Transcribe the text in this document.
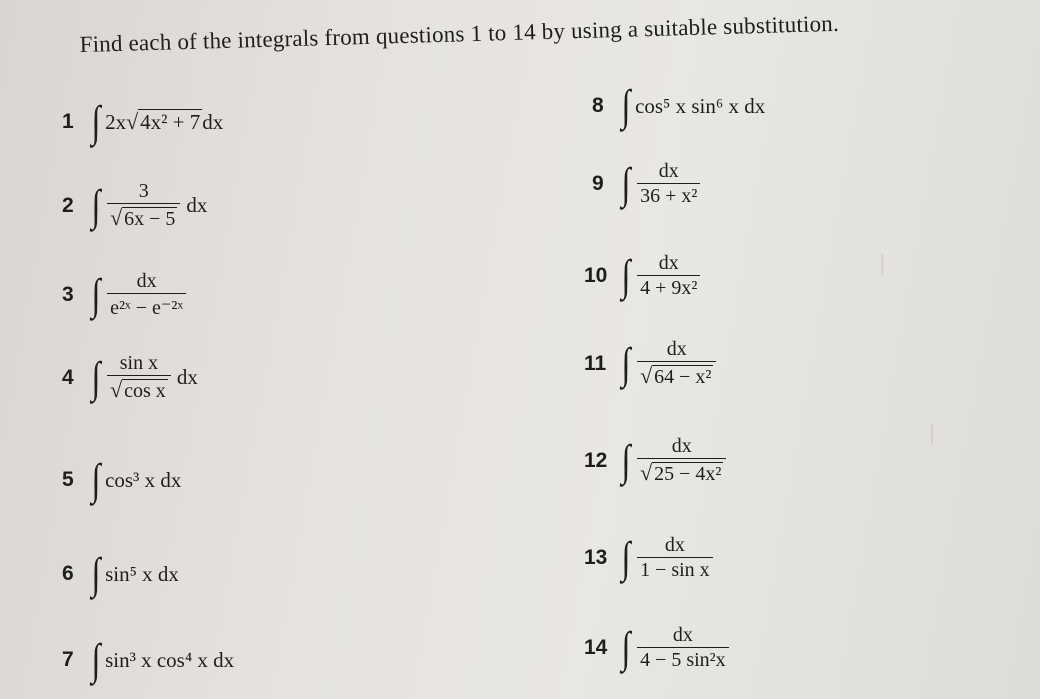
|
|
Find each of the integrals from questions 1 to 14 by using a suitable substitution.
1 ∫ 2x √ 4x² + 7 dx
2 ∫ $\frac{3}{√ 6x - 5}$ dx
3 ∫ $\frac{dx}{\text{e²ˣ − e⁻²ˣ}}$
4 ∫ $\frac{\text{sin x}}{\text{√ cos x}}$ dx
5 ∫ cos³ x dx
6 ∫ sin⁵ x dx
7 ∫ sin³ x cos⁴ x dx
8 ∫ cos⁵ x sin⁶ x dx
9 ∫ $\frac{dx}{\text{36 + x²}}$
10 ∫ $\frac{dx}{\text{4 + 9x²}}$
11 ∫ $\frac{dx}{\text{√ 64 − x²}}$
12 ∫ $\frac{dx}{\text{√ 25 − 4x²}}$
13 ∫ $\frac{dx}{\text{1 − sin x}}$
14 ∫ $\frac{dx}{\text{4 − 5 sin²x}}$
